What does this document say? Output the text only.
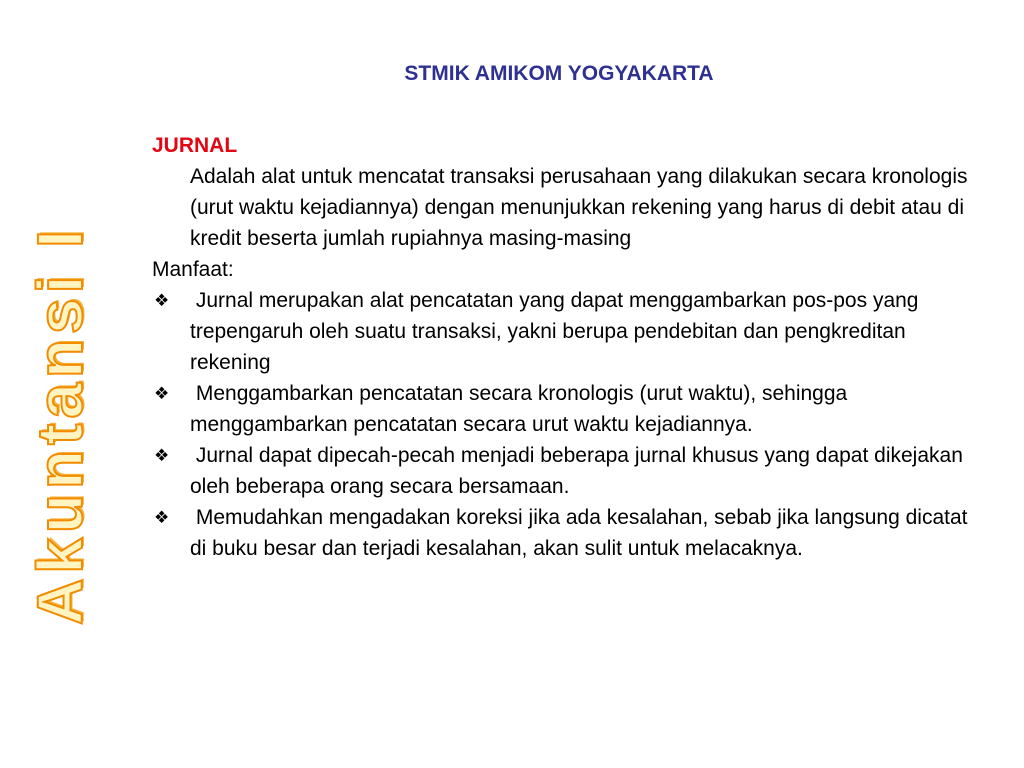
Akuntansi I
STMIK AMIKOM YOGYAKARTA

JURNAL

Adalah alat untuk mencatat transaksi perusahaan yang dilakukan secara kronologis (urut waktu kejadiannya) dengan menunjukkan rekening yang harus di debit atau di kredit beserta jumlah rupiahnya masing-masing

Manfaat:

❖ Jurnal merupakan alat pencatatan yang dapat menggambarkan pos-pos yang trepengaruh oleh suatu transaksi, yakni berupa pendebitan dan pengkreditan rekening
❖ Menggambarkan pencatatan secara kronologis (urut waktu), sehingga menggambarkan pencatatan secara urut waktu kejadiannya.
❖ Jurnal dapat dipecah-pecah menjadi beberapa jurnal khusus yang dapat dikejakan oleh beberapa orang secara bersamaan.
❖ Memudahkan mengadakan koreksi jika ada kesalahan, sebab jika langsung dicatat di buku besar dan terjadi kesalahan, akan sulit untuk melacaknya.
